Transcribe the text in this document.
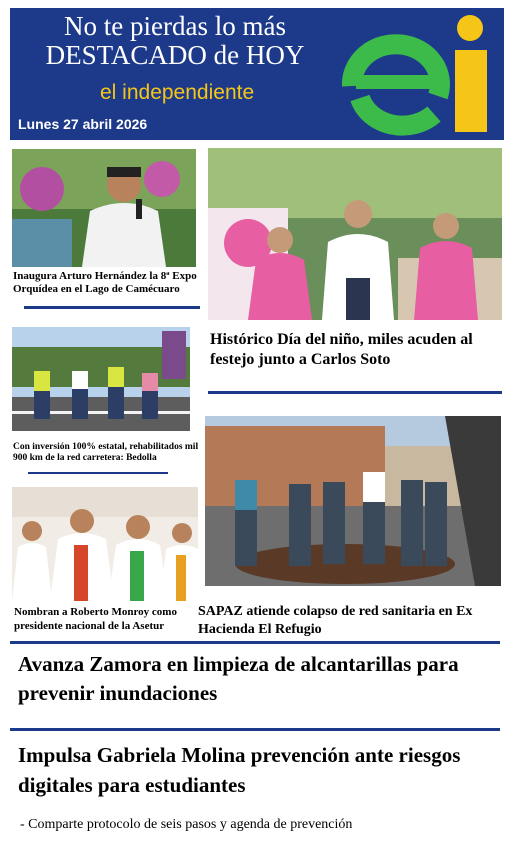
No te pierdas lo más
DESTACADO de HOY
el independiente
Lunes 27 abril 2026
Inaugura Arturo Hernández la 8ª Expo Orquídea en el Lago de Camécuaro
Histórico Día del niño, miles acuden al festejo junto a Carlos Soto
Con inversión 100% estatal, rehabilitados mil 900 km de la red carretera: Bedolla
SAPAZ atiende colapso de red sanitaria en Ex Hacienda El Refugio
Nombran a Roberto Monroy como presidente nacional de la Asetur
Avanza Zamora en limpieza de alcantarillas para prevenir inundaciones
Impulsa Gabriela Molina prevención ante riesgos digitales para estudiantes
- Comparte protocolo de seis pasos y agenda de prevención
